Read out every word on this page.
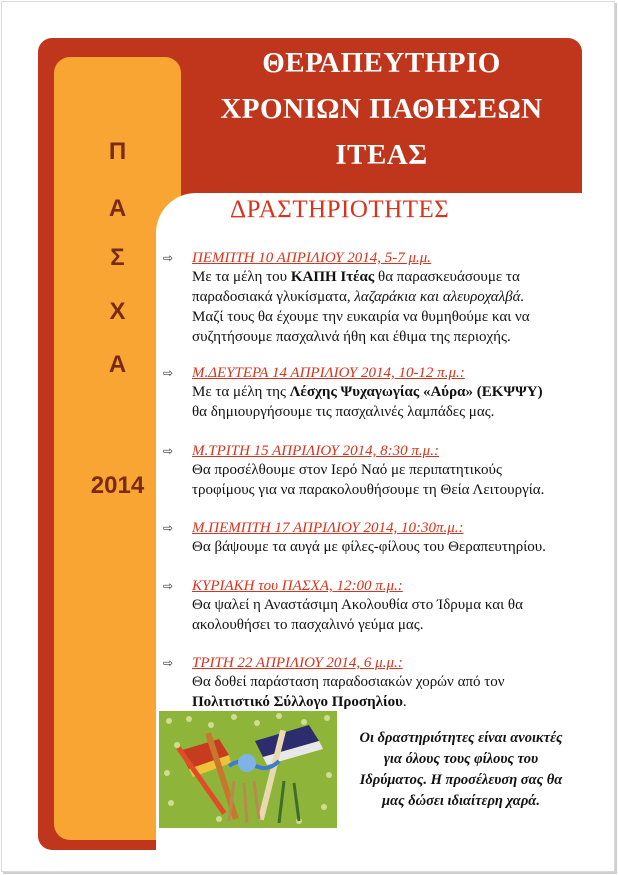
ΘΕΡΑΠΕΥΤΗΡΙΟ
ΧΡΟΝΙΩΝ ΠΑΘΗΣΕΩΝ
ΙΤΕΑΣ
Π
Α
Σ
Χ
Α
2014
ΔΡΑΣΤΗΡΙΟΤΗΤΕΣ
⇨ ΠΕΜΠΤΗ 10 ΑΠΡΙΛΙΟΥ 2014, 5-7 μ.μ.
Με τα μέλη του ΚΑΠΗ Ιτέας θα παρασκευάσουμε τα
παραδοσιακά γλυκίσματα, λαζαράκια και αλευροχαλβά.
Μαζί τους θα έχουμε την ευκαιρία να θυμηθούμε και να
συζητήσουμε πασχαλινά ήθη και έθιμα της περιοχής.
⇨ Μ.ΔΕΥΤΕΡΑ 14 ΑΠΡΙΛΙΟΥ 2014, 10-12 π.μ.:
Με τα μέλη της Λέσχης Ψυχαγωγίας «Αύρα» (ΕΚΨΨΥ)
θα δημιουργήσουμε τις πασχαλινές λαμπάδες μας.
⇨ Μ.ΤΡΙΤΗ 15 ΑΠΡΙΛΙΟΥ 2014, 8:30 π.μ.:
Θα προσέλθουμε στον Ιερό Ναό με περιπατητικούς
τροφίμους για να παρακολουθήσουμε τη Θεία Λειτουργία.
⇨ Μ.ΠΕΜΠΤΗ 17 ΑΠΡΙΛΙΟΥ 2014, 10:30π.μ.:
Θα βάψουμε τα αυγά με φίλες-φίλους του Θεραπευτηρίου.
⇨ ΚΥΡΙΑΚΗ του ΠΑΣΧΑ, 12:00 π.μ.:
Θα ψαλεί η Αναστάσιμη Ακολουθία στο Ίδρυμα και θα
ακολουθήσει το πασχαλινό γεύμα μας.
⇨ ΤΡΙΤΗ 22 ΑΠΡΙΛΙΟΥ 2014, 6 μ.μ.:
Θα δοθεί παράσταση παραδοσιακών χορών από τον
Πολιτιστικό Σύλλογο Προσηλίου.
Οι δραστηριότητες είναι ανοικτές
για όλους τους φίλους του
Ιδρύματος. Η προσέλευση σας θα
μας δώσει ιδιαίτερη χαρά.
